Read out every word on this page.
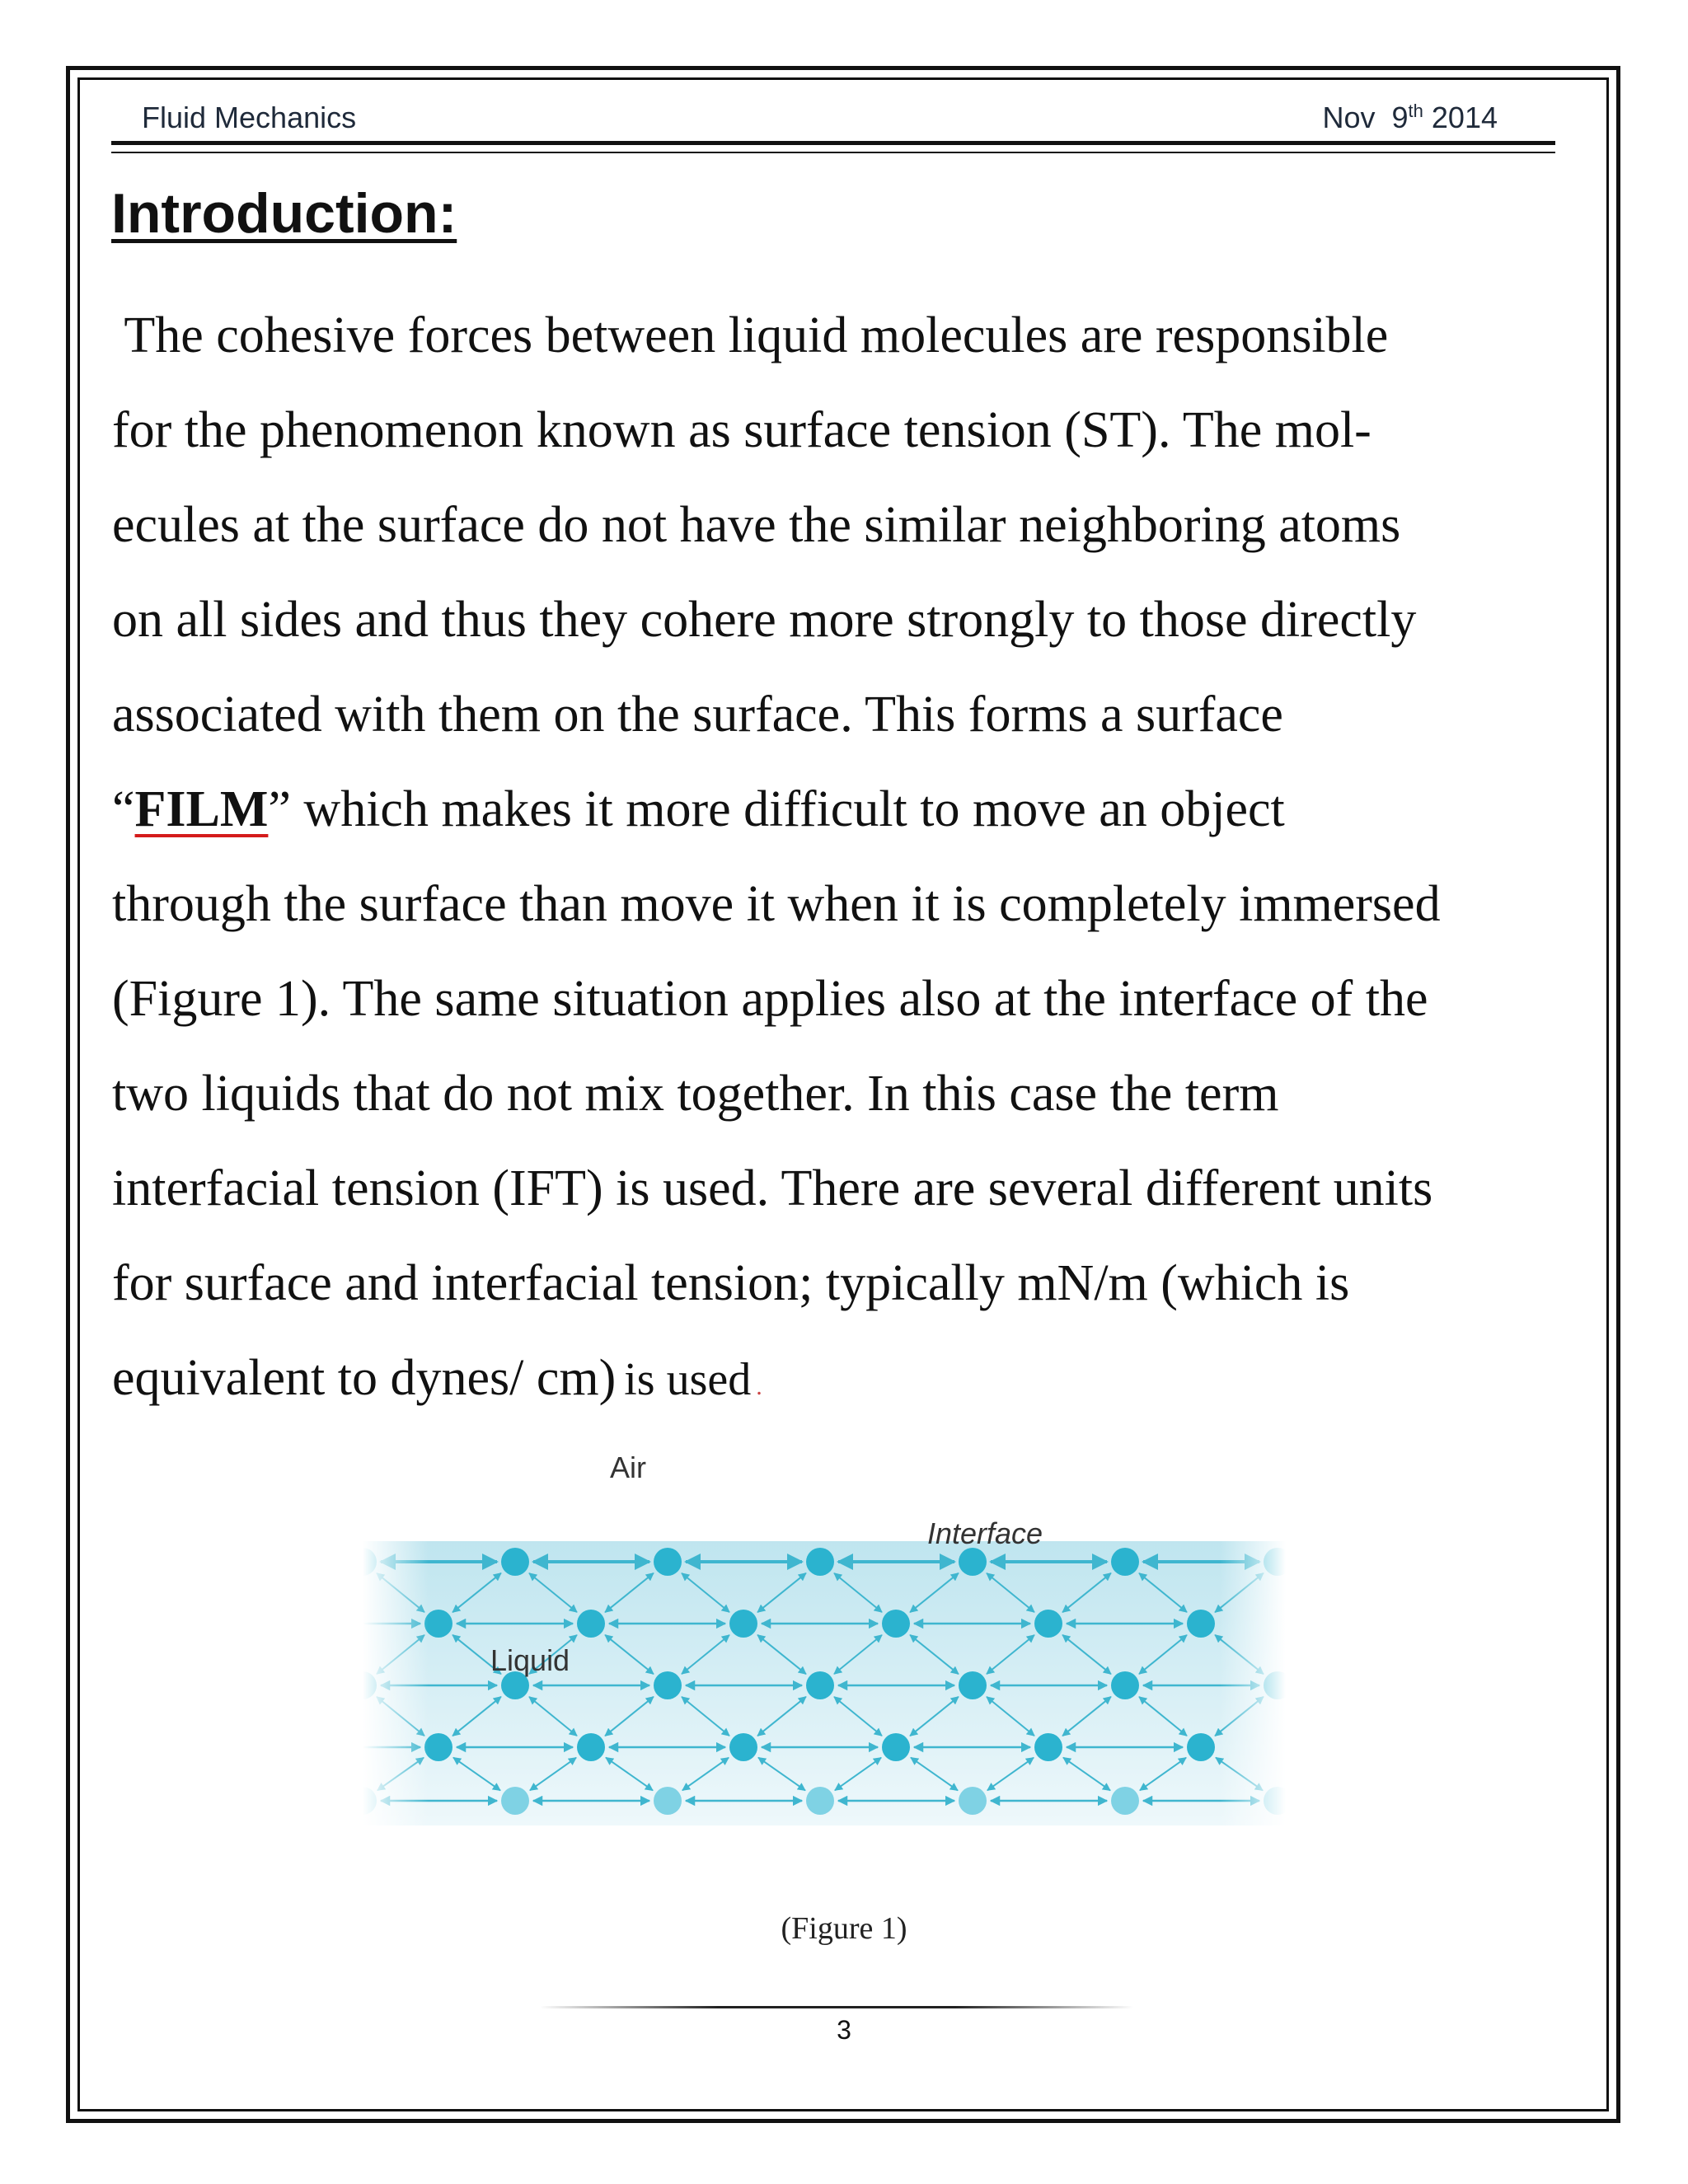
Fluid Mechanics	Nov 9th 2014
Introduction:
The cohesive forces between liquid molecules are responsible
for the phenomenon known as surface tension (ST). The mol-
ecules at the surface do not have the similar neighboring atoms
on all sides and thus they cohere more strongly to those directly
associated with them on the surface. This forms a surface
“FILM” which makes it more difficult to move an object
through the surface than move it when it is completely immersed
(Figure 1). The same situation applies also at the interface of the
two liquids that do not mix together. In this case the term
interfacial tension (IFT) is used. There are several different units
for surface and interfacial tension; typically mN/m (which is
equivalent to dynes/ cm) is used .
Air
Interface
Liquid
(Figure 1)
3
